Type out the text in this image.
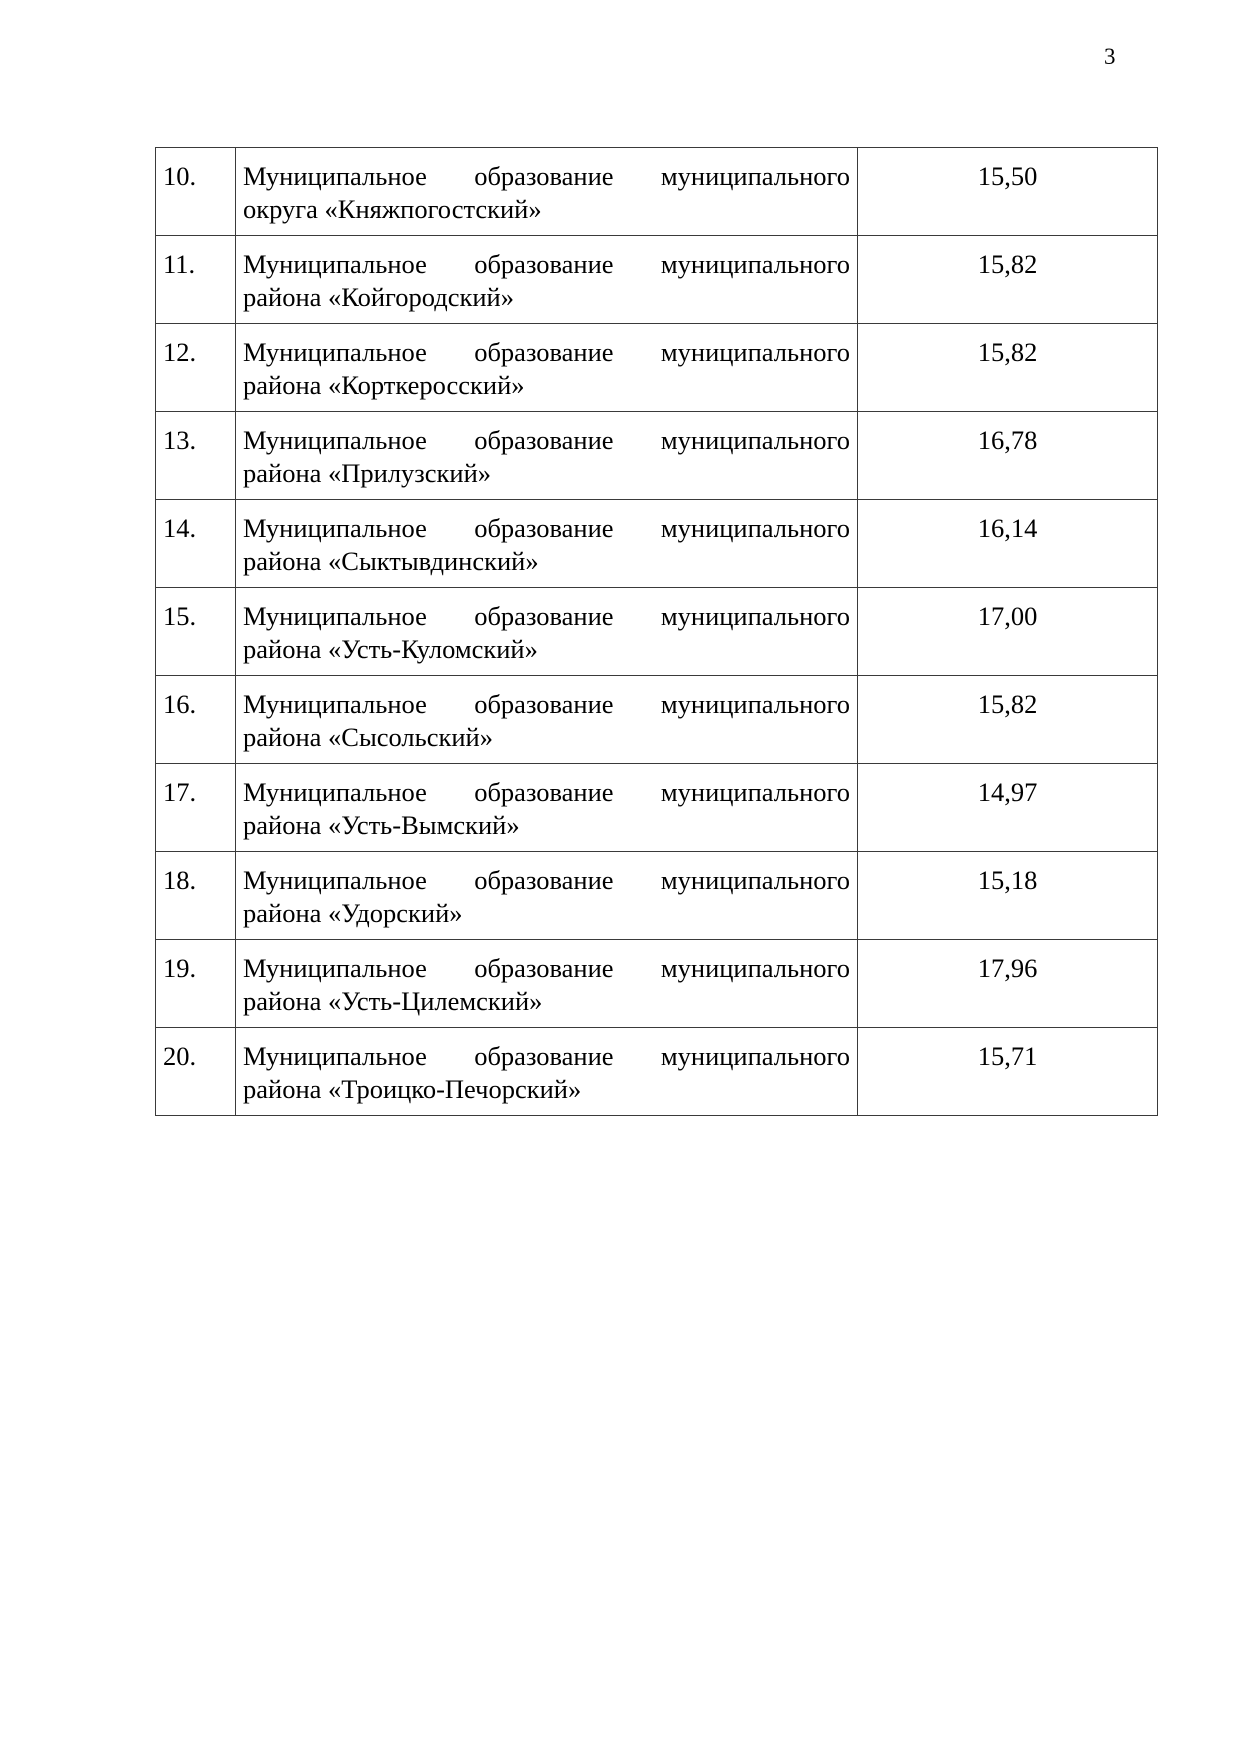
3
10.	Муниципальное образование муниципального округа «Княжпогостский»	15,50
11.	Муниципальное образование муниципального района «Койгородский»	15,82
12.	Муниципальное образование муниципального района «Корткеросский»	15,82
13.	Муниципальное образование муниципального района «Прилузский»	16,78
14.	Муниципальное образование муниципального района «Сыктывдинский»	16,14
15.	Муниципальное образование муниципального района «Усть-Куломский»	17,00
16.	Муниципальное образование муниципального района «Сысольский»	15,82
17.	Муниципальное образование муниципального района «Усть-Вымский»	14,97
18.	Муниципальное образование муниципального района «Удорский»	15,18
19.	Муниципальное образование муниципального района «Усть-Цилемский»	17,96
20.	Муниципальное образование муниципального района «Троицко-Печорский»	15,71
